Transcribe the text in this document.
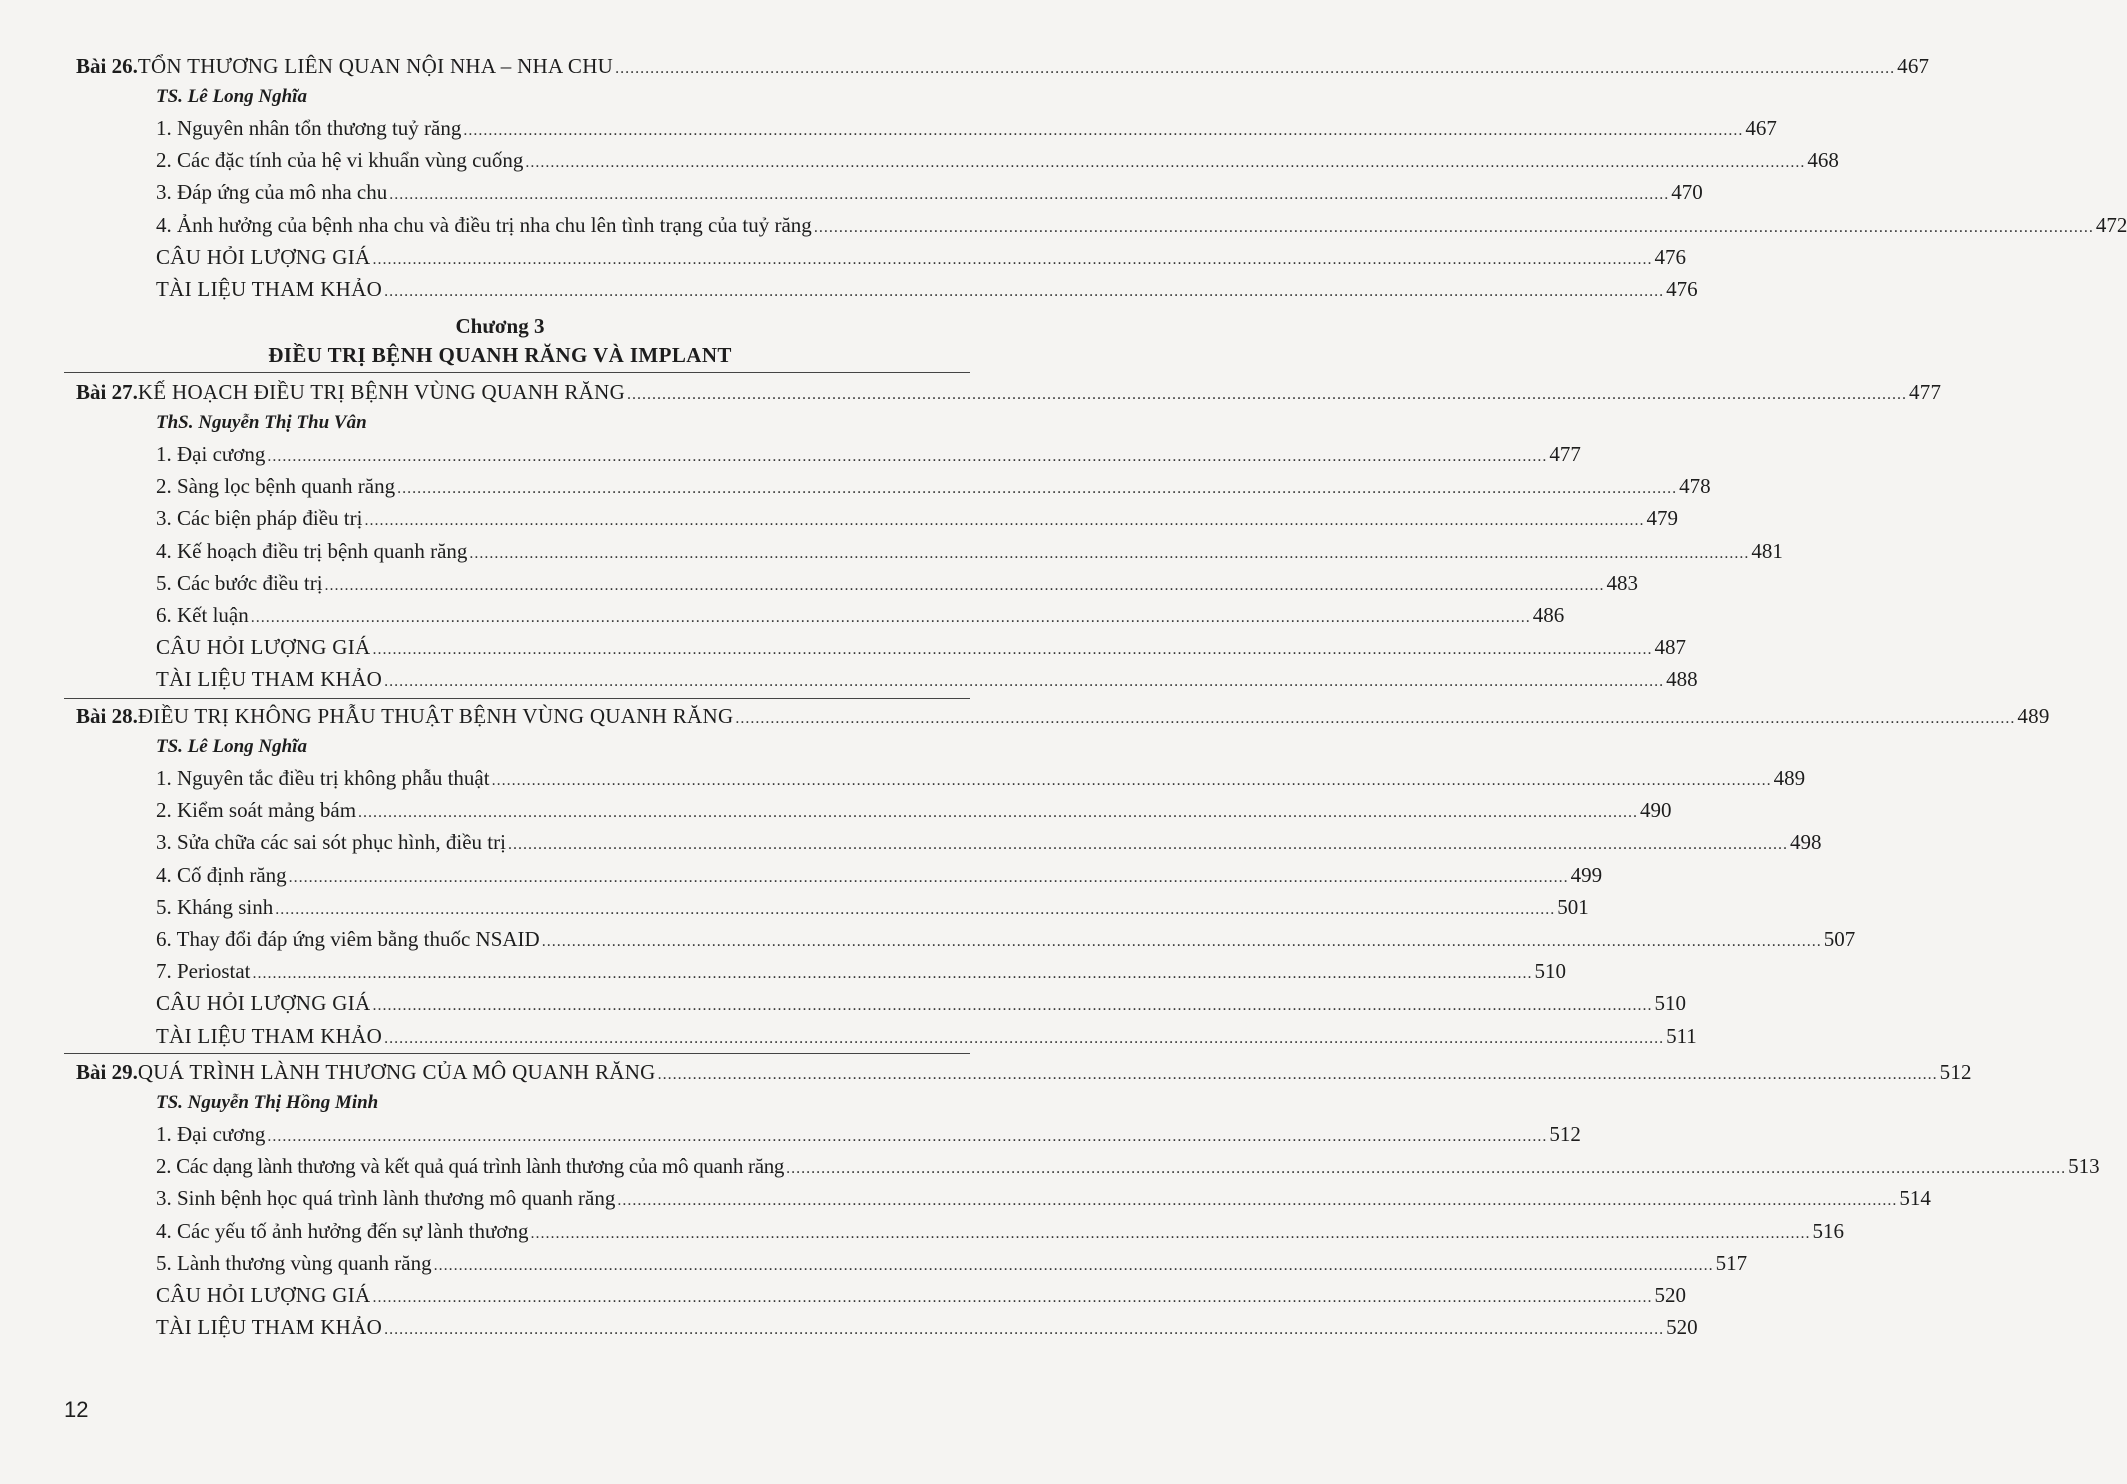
Bài 26. TỔN THƯƠNG LIÊN QUAN NỘI NHA – NHA CHU .....	467
TS. Lê Long Nghĩa
1. Nguyên nhân tổn thương tuỷ răng .....	467
2. Các đặc tính của hệ vi khuẩn vùng cuống .....	468
3. Đáp ứng của mô nha chu .....	470
4. Ảnh hưởng của bệnh nha chu và điều trị nha chu lên tình trạng của tuỷ răng .....	472
CÂU HỎI LƯỢNG GIÁ .....	476
TÀI LIỆU THAM KHẢO .....	476
Chương 3
ĐIỀU TRỊ BỆNH QUANH RĂNG VÀ IMPLANT
Bài 27. KẾ HOẠCH ĐIỀU TRỊ BỆNH VÙNG QUANH RĂNG .....	477
ThS. Nguyễn Thị Thu Vân
1. Đại cương .....	477
2. Sàng lọc bệnh quanh răng .....	478
3. Các biện pháp điều trị .....	479
4. Kế hoạch điều trị bệnh quanh răng .....	481
5. Các bước điều trị .....	483
6. Kết luận .....	486
CÂU HỎI LƯỢNG GIÁ .....	487
TÀI LIỆU THAM KHẢO .....	488
Bài 28. ĐIỀU TRỊ KHÔNG PHẪU THUẬT BỆNH VÙNG QUANH RĂNG .....	489
TS. Lê Long Nghĩa
1. Nguyên tắc điều trị không phẫu thuật .....	489
2. Kiểm soát mảng bám .....	490
3. Sửa chữa các sai sót phục hình, điều trị .....	498
4. Cố định răng .....	499
5. Kháng sinh .....	501
6. Thay đổi đáp ứng viêm bằng thuốc NSAID .....	507
7. Periostat .....	510
CÂU HỎI LƯỢNG GIÁ .....	510
TÀI LIỆU THAM KHẢO .....	511
Bài 29. QUÁ TRÌNH LÀNH THƯƠNG CỦA MÔ QUANH RĂNG .....	512
TS. Nguyễn Thị Hồng Minh
1. Đại cương .....	512
2. Các dạng lành thương và kết quả quá trình lành thương của mô quanh răng .....	513
3. Sinh bệnh học quá trình lành thương mô quanh răng .....	514
4. Các yếu tố ảnh hưởng đến sự lành thương .....	516
5. Lành thương vùng quanh răng .....	517
CÂU HỎI LƯỢNG GIÁ .....	520
TÀI LIỆU THAM KHẢO .....	520
12
